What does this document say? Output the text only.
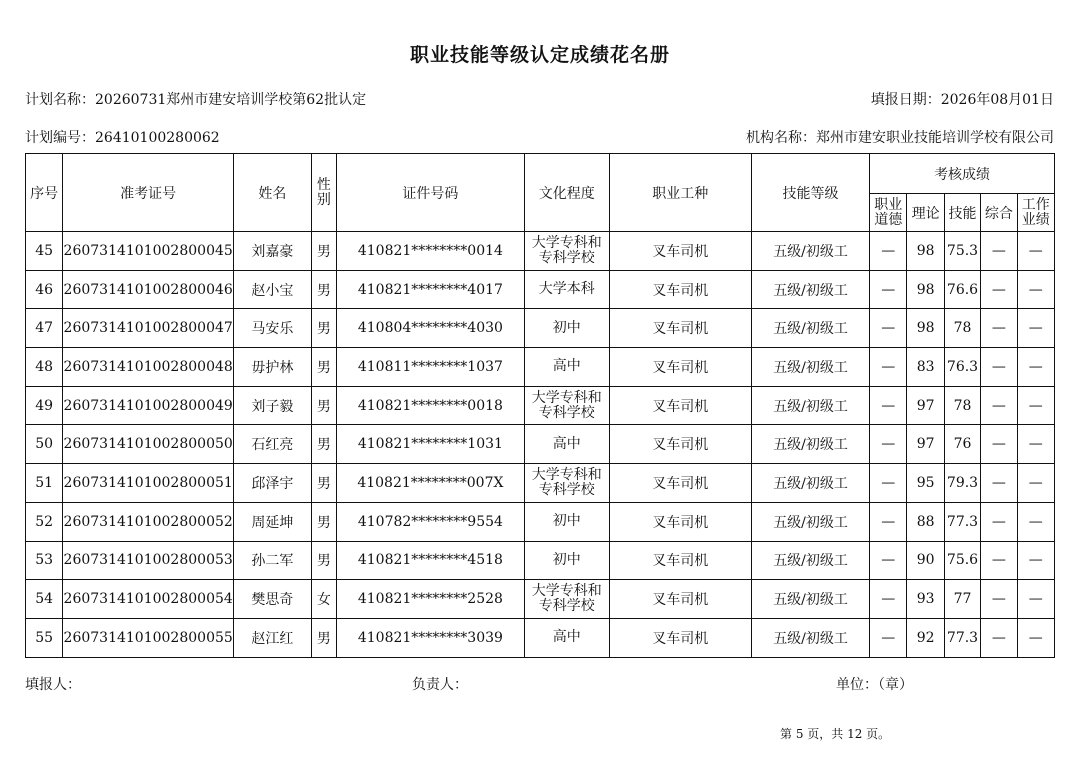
职业技能等级认定成绩花名册
计划名称：20260731郑州市建安培训学校第62批认定	填报日期：2026年08月01日
计划编号：26410100280062	机构名称：郑州市建安职业技能培训学校有限公司
序号	准考证号	姓名	性别	证件号码	文化程度	职业工种	技能等级	考核成绩				
								职业道德	理论	技能	综合	工作业绩
45	2607314101002800045	刘嘉豪	男	410821********0014	大学专科和专科学校	叉车司机	五级/初级工	—	98	75.3	—	—
46	2607314101002800046	赵小宝	男	410821********4017	大学本科	叉车司机	五级/初级工	—	98	76.6	—	—
47	2607314101002800047	马安乐	男	410804********4030	初中	叉车司机	五级/初级工	—	98	78	—	—
48	2607314101002800048	毋护林	男	410811********1037	高中	叉车司机	五级/初级工	—	83	76.3	—	—
49	2607314101002800049	刘子毅	男	410821********0018	大学专科和专科学校	叉车司机	五级/初级工	—	97	78	—	—
50	2607314101002800050	石红亮	男	410821********1031	高中	叉车司机	五级/初级工	—	97	76	—	—
51	2607314101002800051	邱泽宇	男	410821********007X	大学专科和专科学校	叉车司机	五级/初级工	—	95	79.3	—	—
52	2607314101002800052	周延坤	男	410782********9554	初中	叉车司机	五级/初级工	—	88	77.3	—	—
53	2607314101002800053	孙二军	男	410821********4518	初中	叉车司机	五级/初级工	—	90	75.6	—	—
54	2607314101002800054	樊思奇	女	410821********2528	大学专科和专科学校	叉车司机	五级/初级工	—	93	77	—	—
55	2607314101002800055	赵江红	男	410821********3039	高中	叉车司机	五级/初级工	—	92	77.3	—	—
填报人：	负责人：	单位：（章）
第 5 页，共 12 页。
